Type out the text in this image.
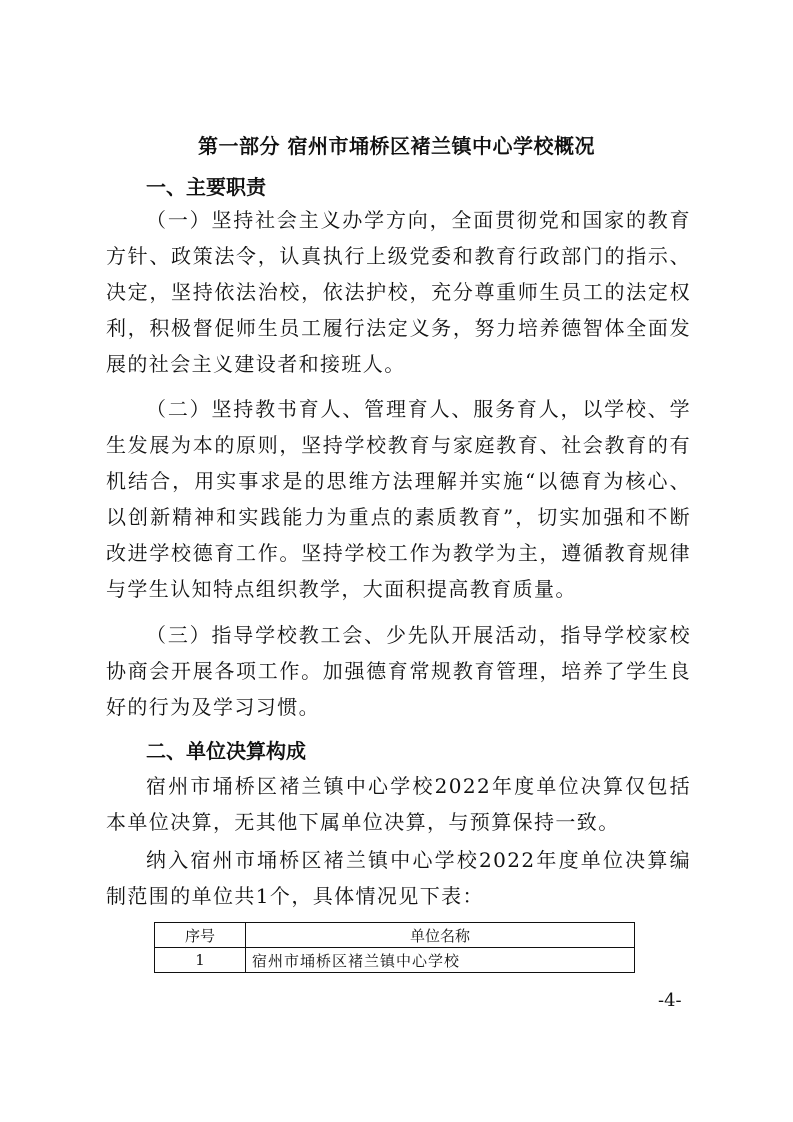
第一部分 宿州市埇桥区褚兰镇中心学校概况
一、主要职责

（一）坚持社会主义办学方向，全面贯彻党和国家的教育方针、政策法令，认真执行上级党委和教育行政部门的指示、决定，坚持依法治校，依法护校，充分尊重师生员工的法定权利，积极督促师生员工履行法定义务，努力培养德智体全面发展的社会主义建设者和接班人。

（二）坚持教书育人、管理育人、服务育人，以学校、学生发展为本的原则，坚持学校教育与家庭教育、社会教育的有机结合，用实事求是的思维方法理解并实施“以德育为核心、以创新精神和实践能力为重点的素质教育”，切实加强和不断改进学校德育工作。坚持学校工作为教学为主，遵循教育规律与学生认知特点组织教学，大面积提高教育质量。

（三）指导学校教工会、少先队开展活动，指导学校家校协商会开展各项工作。加强德育常规教育管理，培养了学生良好的行为及学习习惯。

二、单位决算构成

宿州市埇桥区褚兰镇中心学校2022年度单位决算仅包括本单位决算，无其他下属单位决算，与预算保持一致。

纳入宿州市埇桥区褚兰镇中心学校2022年度单位决算编制范围的单位共1个，具体情况见下表：

序号	单位名称
1	宿州市埇桥区褚兰镇中心学校
-4-
